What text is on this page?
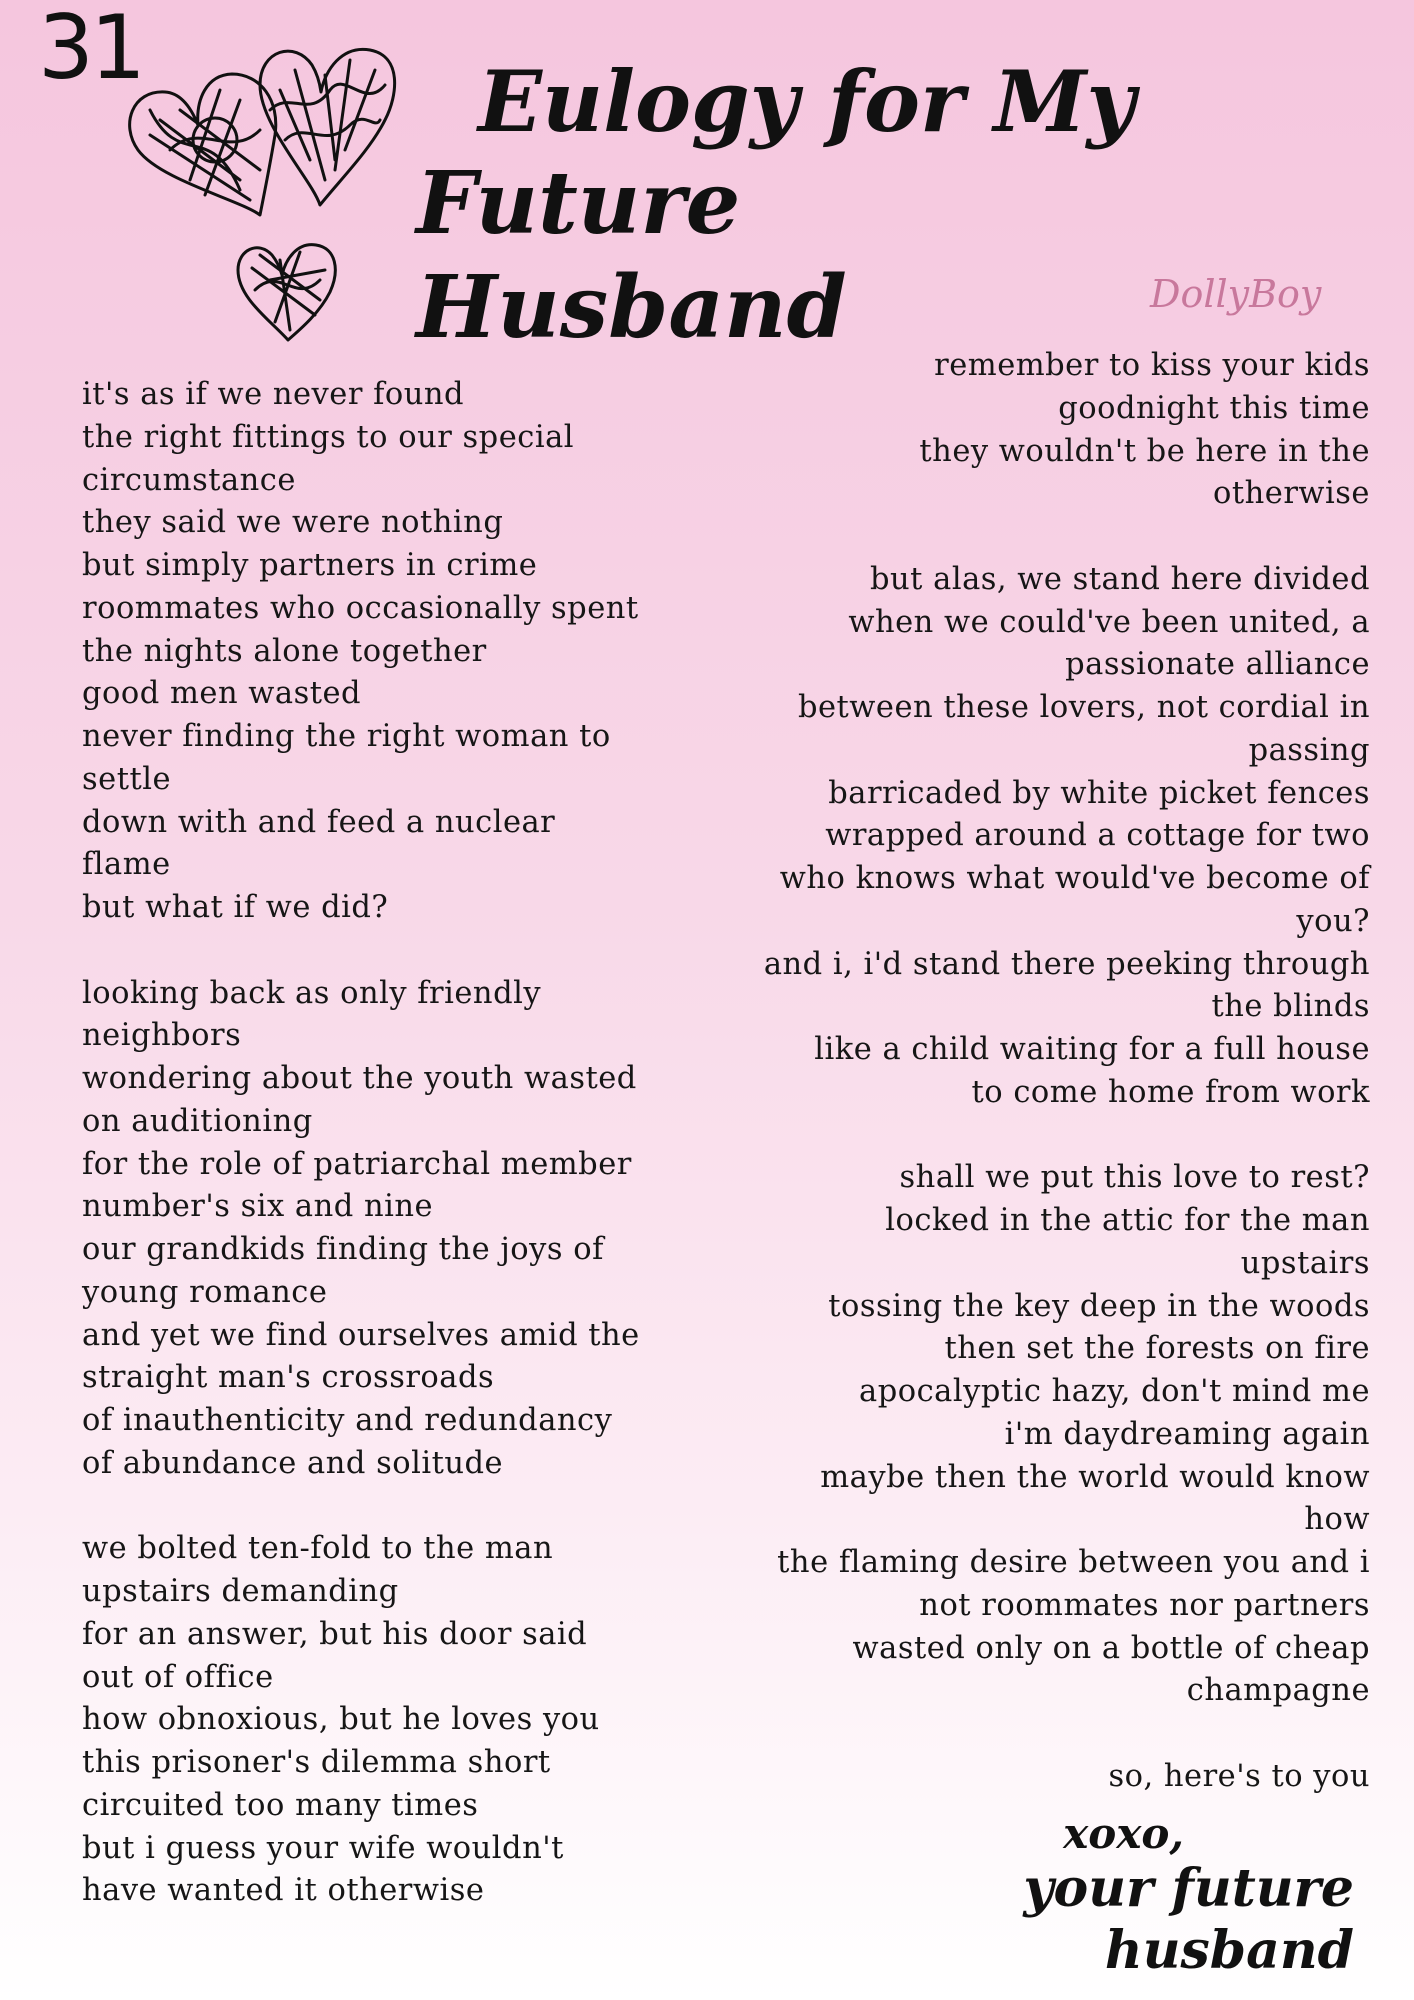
31
Eulogy for My
Future Husband	DollyBoy
it's as if we never found
the right fittings to our special
circumstance
they said we were nothing
but simply partners in crime
roommates who occasionally spent
the nights alone together
good men wasted
never finding the right woman to
settle
down with and feed a nuclear
flame
but what if we did?
looking back as only friendly
neighbors
wondering about the youth wasted
on auditioning
for the role of patriarchal member
number's six and nine
our grandkids finding the joys of
young romance
and yet we find ourselves amid the
straight man's crossroads
of inauthenticity and redundancy
of abundance and solitude
we bolted ten-fold to the man
upstairs demanding
for an answer, but his door said
out of office
how obnoxious, but he loves you
this prisoner's dilemma short
circuited too many times
but i guess your wife wouldn't
have wanted it otherwise
remember to kiss your kids
goodnight this time
they wouldn't be here in the
otherwise
but alas, we stand here divided
when we could've been united, a
passionate alliance
between these lovers, not cordial in
passing
barricaded by white picket fences
wrapped around a cottage for two
who knows what would've become of
you?
and i, i'd stand there peeking through
the blinds
like a child waiting for a full house
to come home from work
shall we put this love to rest?
locked in the attic for the man
upstairs
tossing the key deep in the woods
then set the forests on fire
apocalyptic hazy, don't mind me
i'm daydreaming again
maybe then the world would know
how
the flaming desire between you and i
not roommates nor partners
wasted only on a bottle of cheap
champagne
so, here's to you
xoxo,
your future husband
